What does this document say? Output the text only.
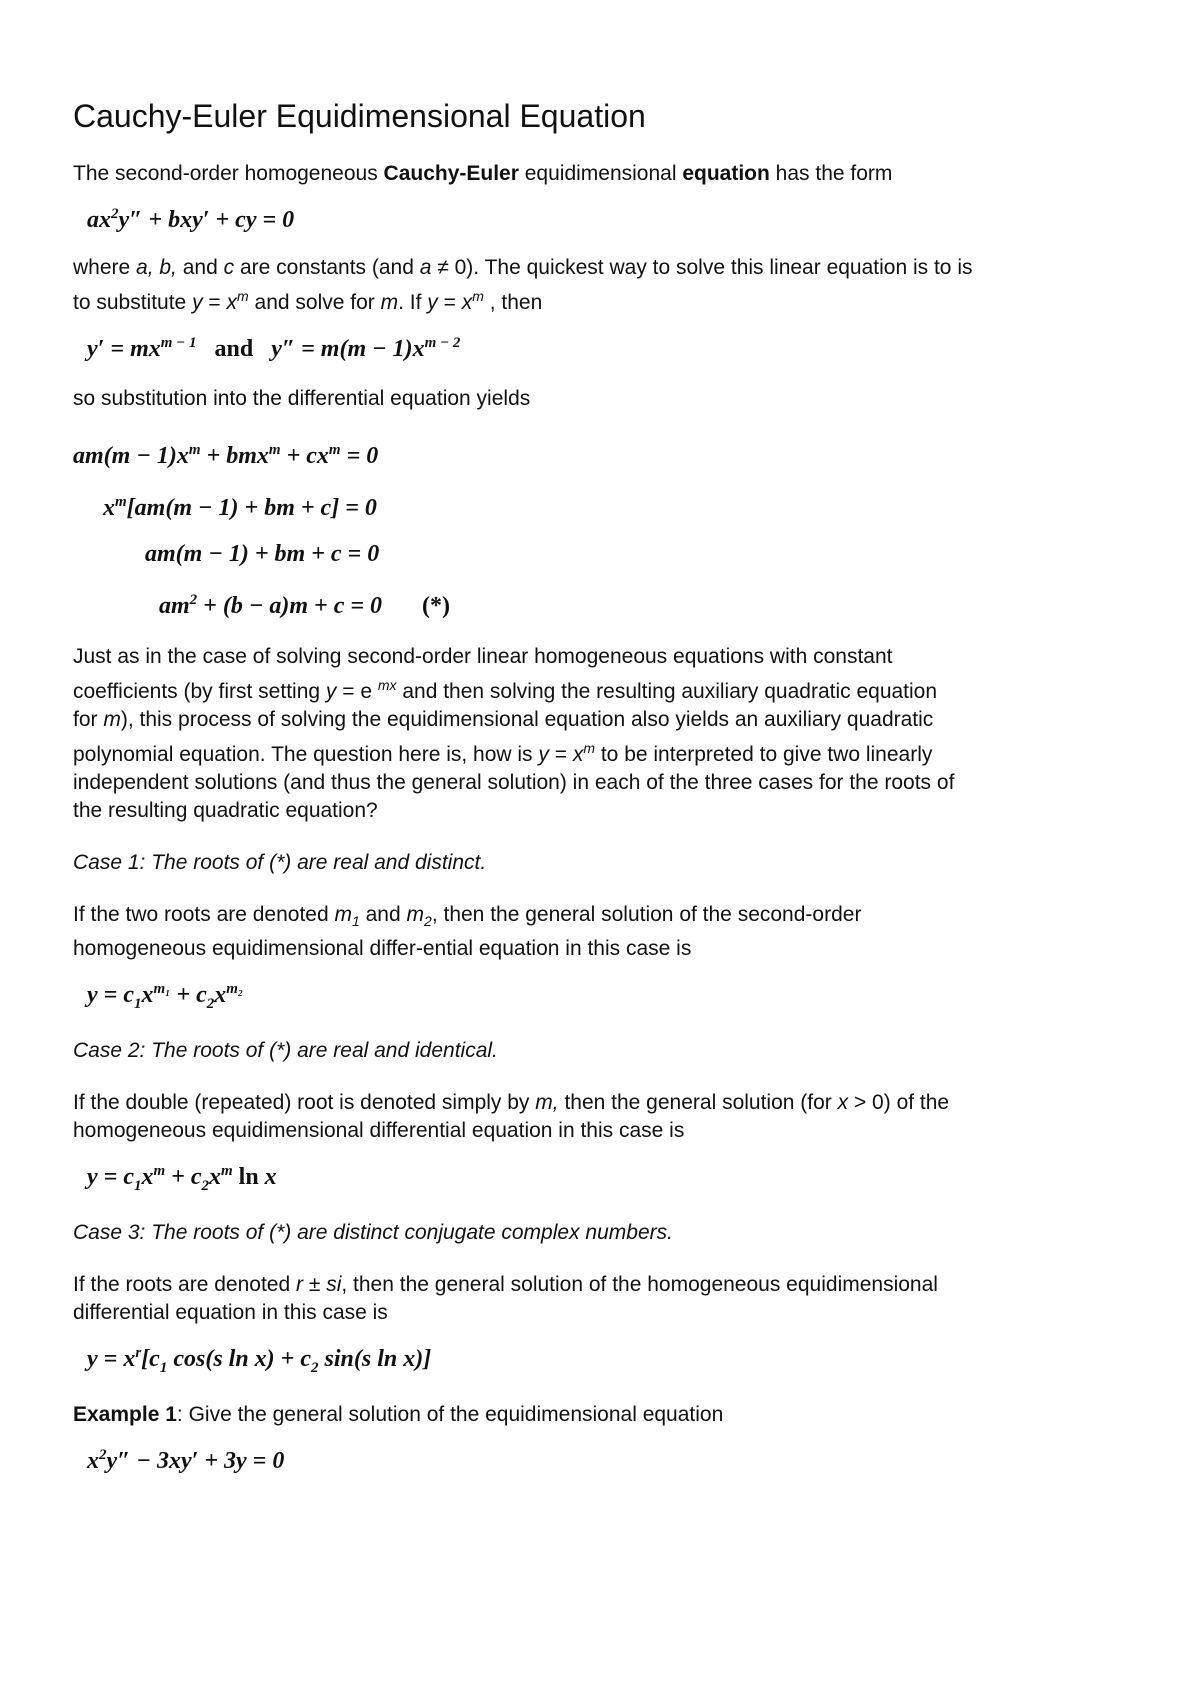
Cauchy-Euler Equidimensional Equation

The second-order homogeneous Cauchy-Euler equidimensional equation has the form

$ax^2y'' + bxy'$ + cy = 0

where a, b, and c are constants (and a ≠ 0). The quickest way to solve this linear equation is to is
to substitute $y = x^m$ and solve for m. If $y = x^m$ , then

$y' = mx^{m - 1}$   and   $y'' = m(m - 1)x^{m - 2}$

so substitution into the differential equation yields

$am(m - 1)x^m + bmx^m + cx^m = 0$
$x^m[am(m - 1)$ + bm + c] = 0
am(m − 1) + bm + c = 0
$am^2 + (b - a)m + c = 0$ (*)

Just as in the case of solving second-order linear homogeneous equations with constant
coefficients (by first setting y = e $^{mx}$ and then solving the resulting auxiliary quadratic equation
for m), this process of solving the equidimensional equation also yields an auxiliary quadratic
polynomial equation. The question here is, how is $y = x^m$ to be interpreted to give two linearly
independent solutions (and thus the general solution) in each of the three cases for the roots of
the resulting quadratic equation?

Case 1: The roots of (*) are real and distinct.

If the two roots are denoted $m_1$ and $m_2$, then the general solution of the second-order
homogeneous equidimensional differ-ential equation in this case is

$y = c_1x^{m_1} + c_2x^{m_2}$

Case 2: The roots of (*) are real and identical.

If the double (repeated) root is denoted simply by m, then the general solution (for x > 0) of the
homogeneous equidimensional differential equation in this case is

$y = c_1x^m + c_2x^m$ ln x

Case 3: The roots of (*) are distinct conjugate complex numbers.

If the roots are denoted r ± si, then the general solution of the homogeneous equidimensional
differential equation in this case is

$y = x^r[c_1$ cos(s $\ln x) + c_2$ sin(s ln x)]

Example 1: Give the general solution of the equidimensional equation

$x^2y'' - 3xy' + 3y = 0$
